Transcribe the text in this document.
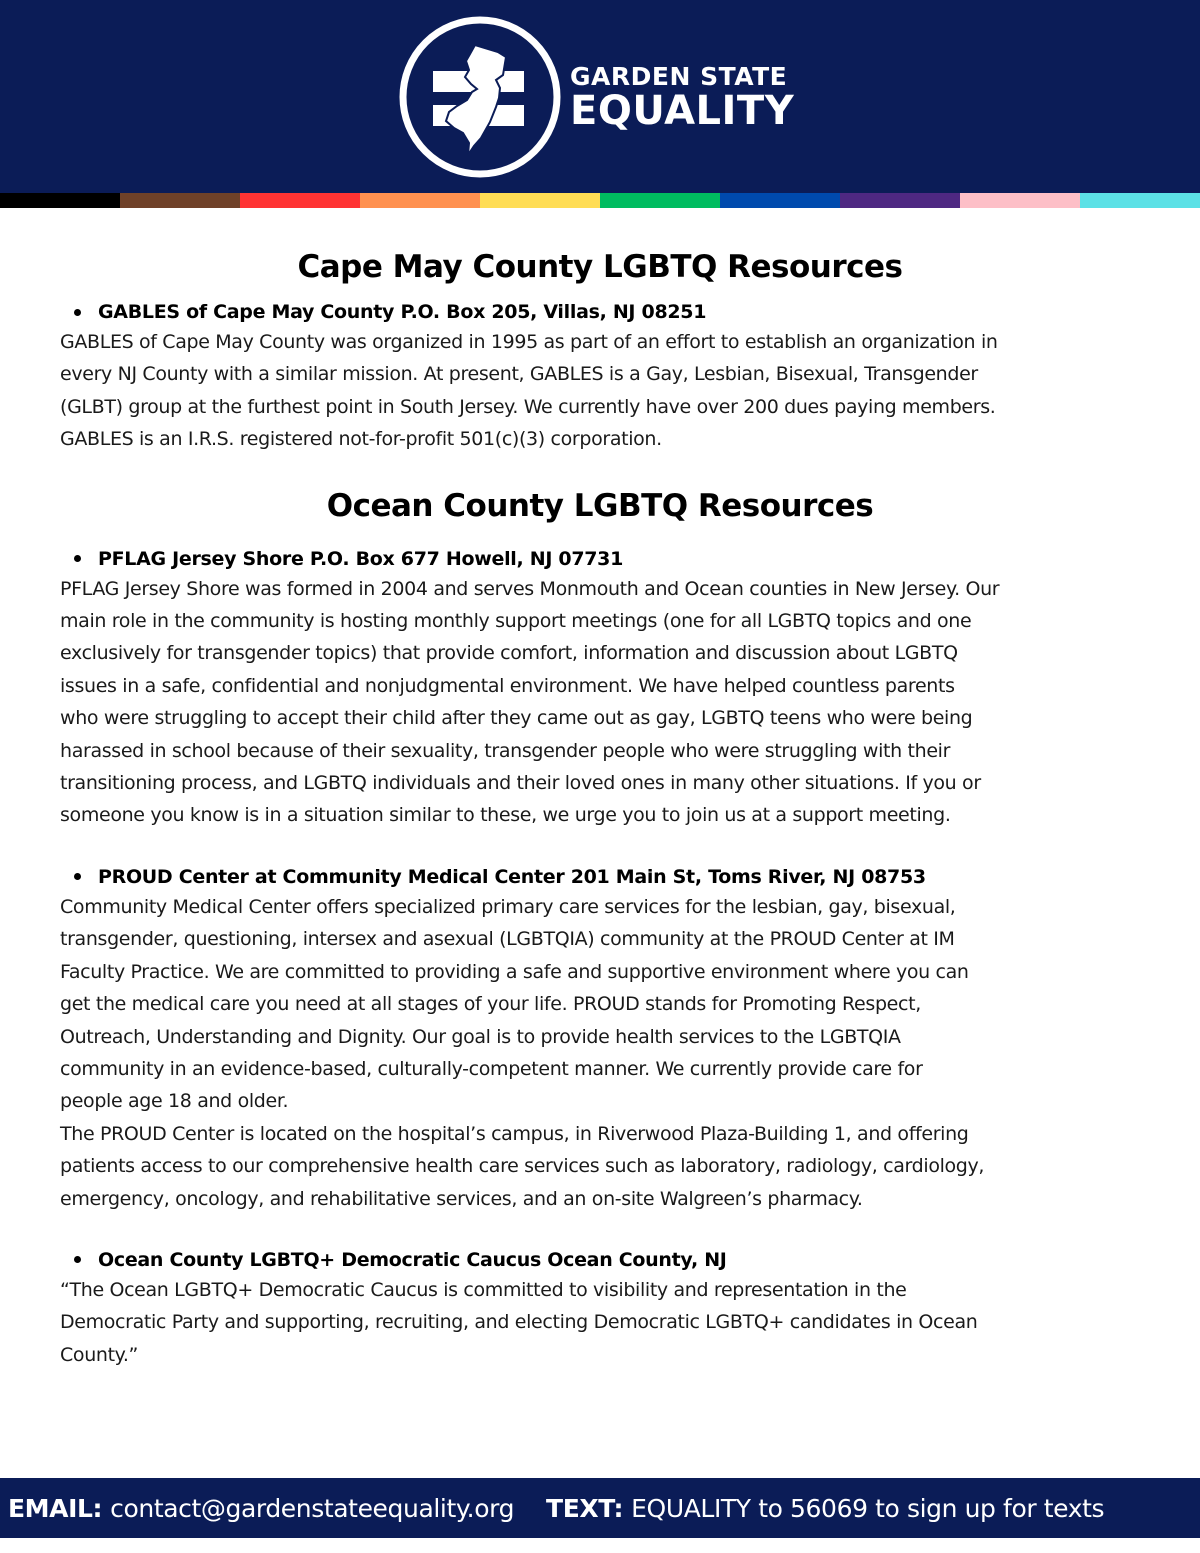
GARDEN STATE
EQUALITY
Cape May County LGBTQ Resources
GABLES of Cape May County P.O. Box 205, Villas, NJ 08251
GABLES of Cape May County was organized in 1995 as part of an effort to establish an organization in
every NJ County with a similar mission. At present, GABLES is a Gay, Lesbian, Bisexual, Transgender
(GLBT) group at the furthest point in South Jersey. We currently have over 200 dues paying members.
GABLES is an I.R.S. registered not-for-profit 501(c)(3) corporation.
Ocean County LGBTQ Resources
PFLAG Jersey Shore P.O. Box 677 Howell, NJ 07731
PFLAG Jersey Shore was formed in 2004 and serves Monmouth and Ocean counties in New Jersey. Our
main role in the community is hosting monthly support meetings (one for all LGBTQ topics and one
exclusively for transgender topics) that provide comfort, information and discussion about LGBTQ
issues in a safe, confidential and nonjudgmental environment. We have helped countless parents
who were struggling to accept their child after they came out as gay, LGBTQ teens who were being
harassed in school because of their sexuality, transgender people who were struggling with their
transitioning process, and LGBTQ individuals and their loved ones in many other situations. If you or
someone you know is in a situation similar to these, we urge you to join us at a support meeting.
PROUD Center at Community Medical Center 201 Main St, Toms River, NJ 08753
Community Medical Center offers specialized primary care services for the lesbian, gay, bisexual,
transgender, questioning, intersex and asexual (LGBTQIA) community at the PROUD Center at IM
Faculty Practice. We are committed to providing a safe and supportive environment where you can
get the medical care you need at all stages of your life. PROUD stands for Promoting Respect,
Outreach, Understanding and Dignity. Our goal is to provide health services to the LGBTQIA
community in an evidence-based, culturally-competent manner. We currently provide care for
people age 18 and older.
The PROUD Center is located on the hospital’s campus, in Riverwood Plaza-Building 1, and offering
patients access to our comprehensive health care services such as laboratory, radiology, cardiology,
emergency, oncology, and rehabilitative services, and an on-site Walgreen’s pharmacy.
Ocean County LGBTQ+ Democratic Caucus Ocean County, NJ
“The Ocean LGBTQ+ Democratic Caucus is committed to visibility and representation in the
Democratic Party and supporting, recruiting, and electing Democratic LGBTQ+ candidates in Ocean
County.”
EMAIL: contact@gardenstateequality.org TEXT: EQUALITY to 56069 to sign up for texts
